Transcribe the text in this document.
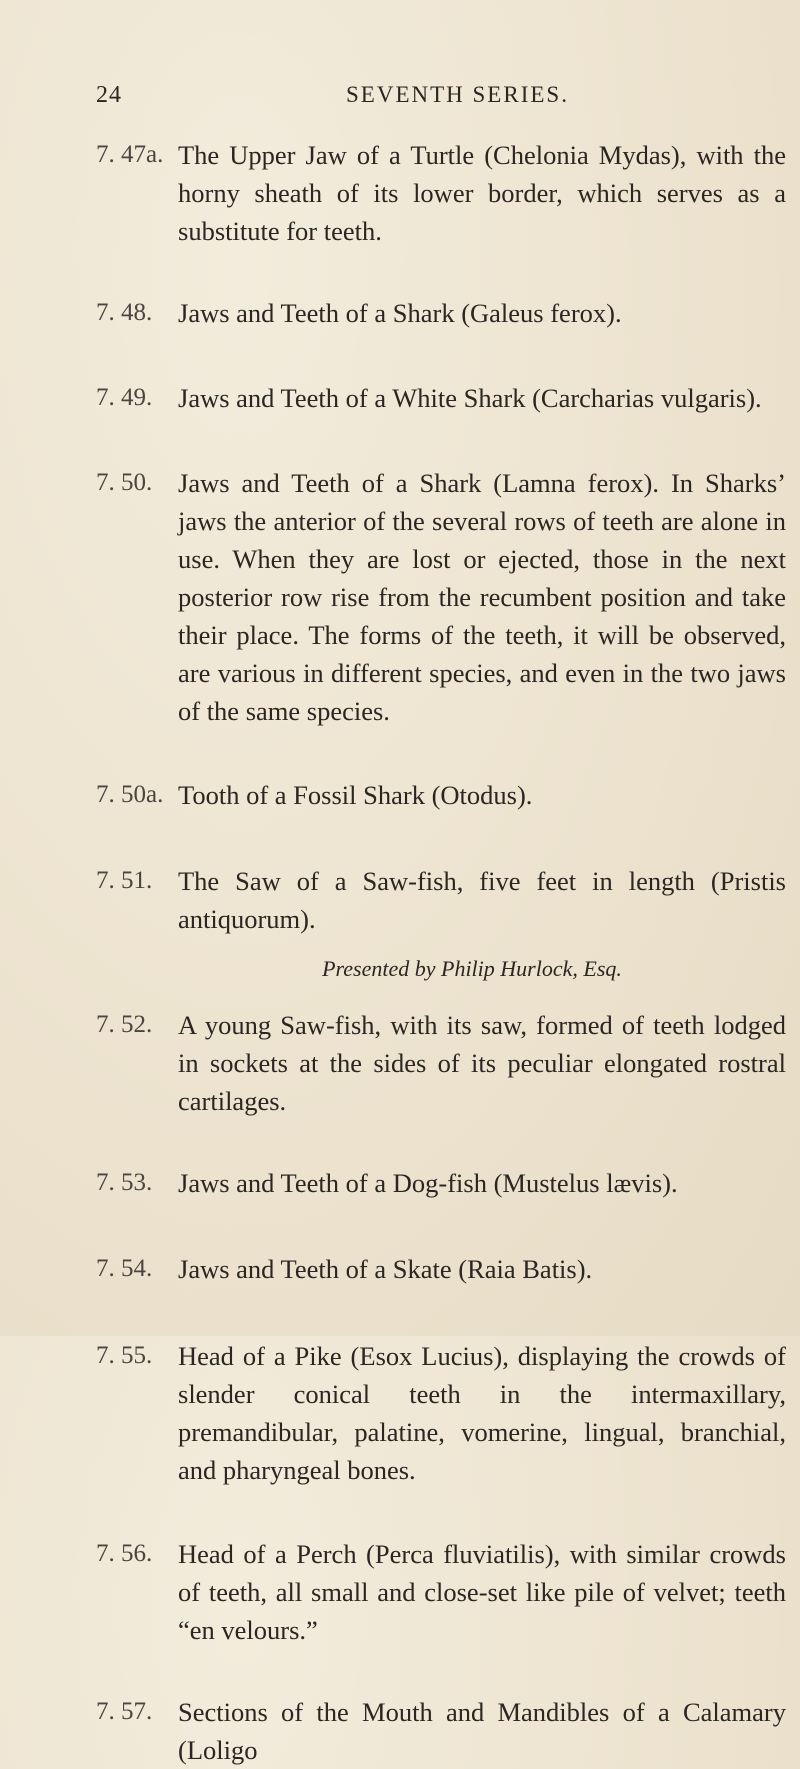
24	SEVENTH SERIES.
7. 47a. The Upper Jaw of a Turtle (Chelonia Mydas), with the horny sheath of its lower border, which serves as a substitute for teeth.
7. 48. Jaws and Teeth of a Shark (Galeus ferox).
7. 49. Jaws and Teeth of a White Shark (Carcharias vulgaris).
7. 50. Jaws and Teeth of a Shark (Lamna ferox). In Sharks’ jaws the anterior of the several rows of teeth are alone in use. When they are lost or ejected, those in the next posterior row rise from the recumbent position and take their place. The forms of the teeth, it will be observed, are various in different species, and even in the two jaws of the same species.
7. 50a. Tooth of a Fossil Shark (Otodus).
7. 51. The Saw of a Saw-fish, five feet in length (Pristis antiquorum).
Presented by Philip Hurlock, Esq.
7. 52. A young Saw-fish, with its saw, formed of teeth lodged in sockets at the sides of its peculiar elongated rostral cartilages.
7. 53. Jaws and Teeth of a Dog-fish (Mustelus lævis).
7. 54. Jaws and Teeth of a Skate (Raia Batis).
7. 55. Head of a Pike (Esox Lucius), displaying the crowds of slender conical teeth in the intermaxillary, premandibular, palatine, vomerine, lingual, branchial, and pharyngeal bones.
7. 56. Head of a Perch (Perca fluviatilis), with similar crowds of teeth, all small and close-set like pile of velvet; teeth “en velours.”
7. 57. Sections of the Mouth and Mandibles of a Calamary (Loligo
